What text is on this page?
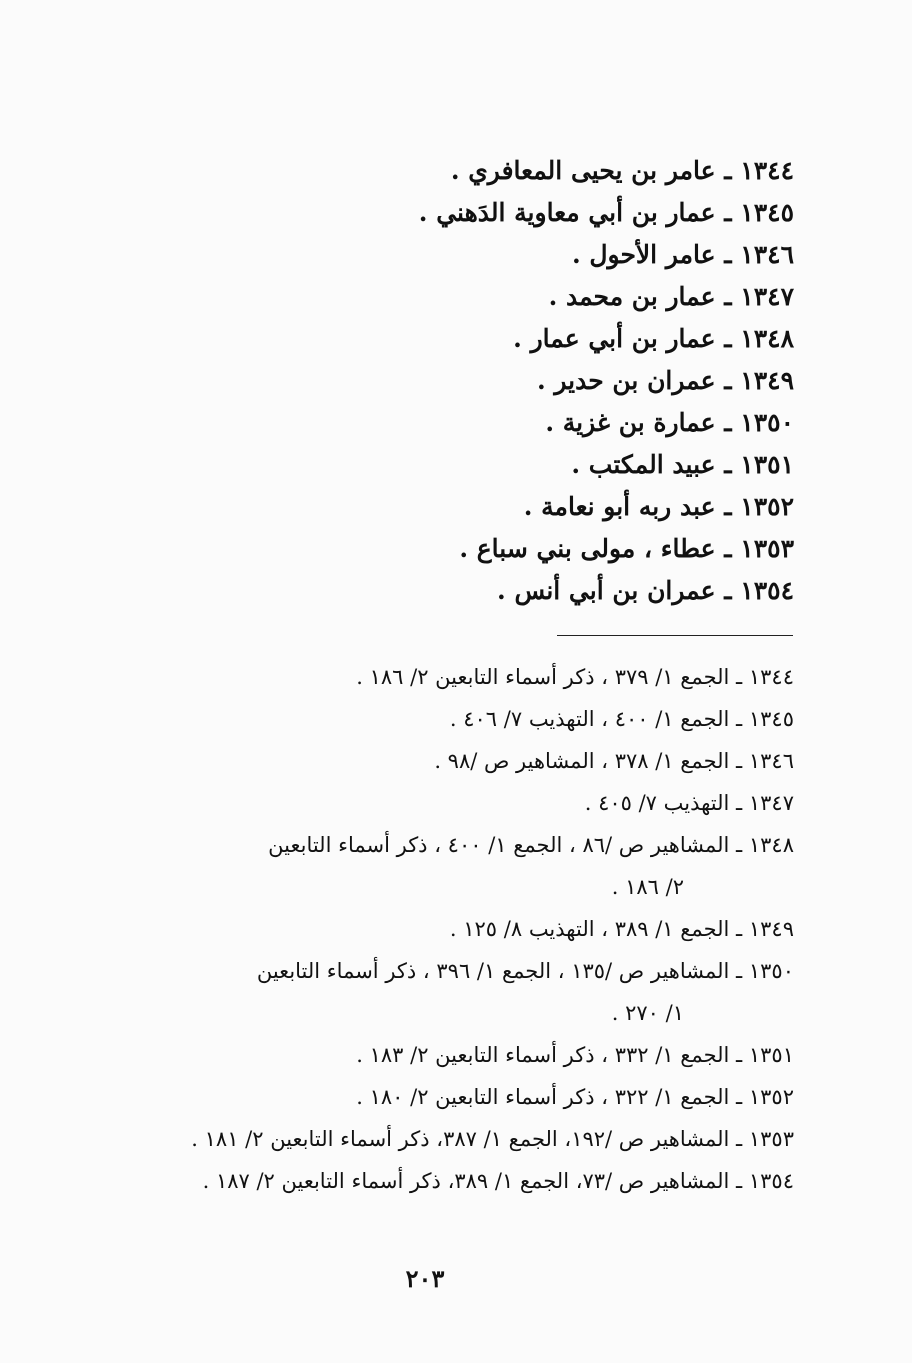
١٣٤٤ ـ عامر بن يحيى المعافري .
١٣٤٥ ـ عمار بن أبي معاوية الدَهني .
١٣٤٦ ـ عامر الأحول .
١٣٤٧ ـ عمار بن محمد .
١٣٤٨ ـ عمار بن أبي عمار .
١٣٤٩ ـ عمران بن حدير .
١٣٥٠ ـ عمارة بن غزية .
١٣٥١ ـ عبيد المكتب .
١٣٥٢ ـ عبد ربه أبو نعامة .
١٣٥٣ ـ عطاء ، مولى بني سباع .
١٣٥٤ ـ عمران بن أبي أنس .
١٣٤٤ ـ الجمع ١/ ٣٧٩ ، ذكر أسماء التابعين ٢/ ١٨٦ .
١٣٤٥ ـ الجمع ١/ ٤٠٠ ، التهذيب ٧/ ٤٠٦ .
١٣٤٦ ـ الجمع ١/ ٣٧٨ ، المشاهير ص /٩٨ .
١٣٤٧ ـ التهذيب ٧/ ٤٠٥ .
١٣٤٨ ـ المشاهير ص /٨٦ ، الجمع ١/ ٤٠٠ ، ذكر أسماء التابعين
٢/ ١٨٦ .
١٣٤٩ ـ الجمع ١/ ٣٨٩ ، التهذيب ٨/ ١٢٥ .
١٣٥٠ ـ المشاهير ص /١٣٥ ، الجمع ١/ ٣٩٦ ، ذكر أسماء التابعين
١/ ٢٧٠ .
١٣٥١ ـ الجمع ١/ ٣٣٢ ، ذكر أسماء التابعين ٢/ ١٨٣ .
١٣٥٢ ـ الجمع ١/ ٣٢٢ ، ذكر أسماء التابعين ٢/ ١٨٠ .
١٣٥٣ ـ المشاهير ص /١٩٢، الجمع ١/ ٣٨٧، ذكر أسماء التابعين ٢/ ١٨١ .
١٣٥٤ ـ المشاهير ص /٧٣، الجمع ١/ ٣٨٩، ذكر أسماء التابعين ٢/ ١٨٧ .
٢٠٣
